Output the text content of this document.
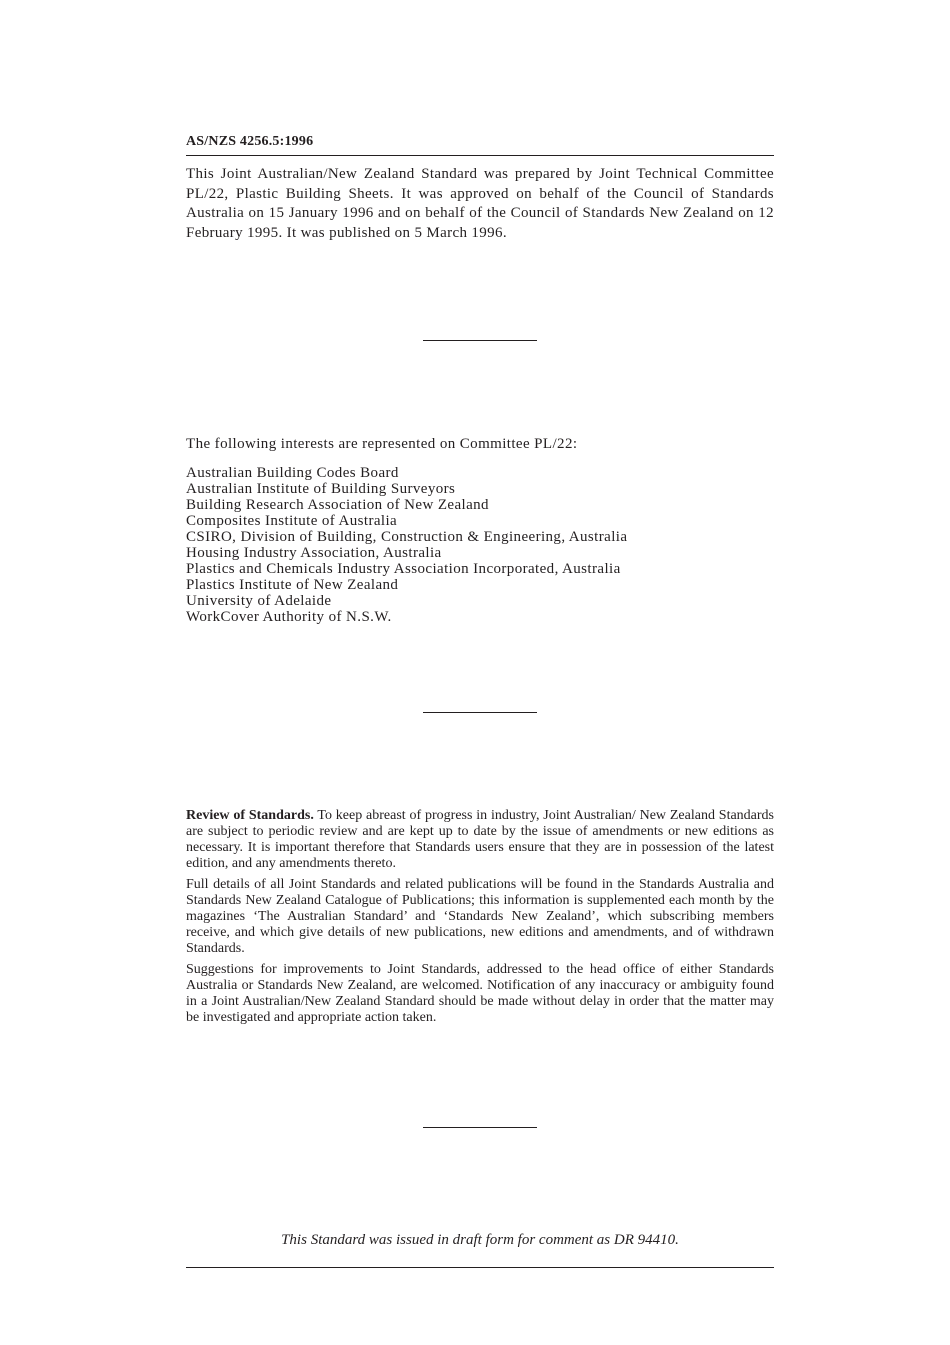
AS/NZS 4256.5:1996

This Joint Australian/New Zealand Standard was prepared by Joint Technical Committee PL/22, Plastic Building Sheets. It was approved on behalf of the Council of Standards Australia on 15 January 1996 and on behalf of the Council of Standards New Zealand on 12 February 1995. It was published on 5 March 1996.

The following interests are represented on Committee PL/22:

Australian Building Codes Board
Australian Institute of Building Surveyors
Building Research Association of New Zealand
Composites Institute of Australia
CSIRO, Division of Building, Construction & Engineering, Australia
Housing Industry Association, Australia
Plastics and Chemicals Industry Association Incorporated, Australia
Plastics Institute of New Zealand
University of Adelaide
WorkCover Authority of N.S.W.

Review of Standards. To keep abreast of progress in industry, Joint Australian/ New Zealand Standards are subject to periodic review and are kept up to date by the issue of amendments or new editions as necessary. It is important therefore that Standards users ensure that they are in possession of the latest edition, and any amendments thereto.

Full details of all Joint Standards and related publications will be found in the Standards Australia and Standards New Zealand Catalogue of Publications; this information is supplemented each month by the magazines ‘The Australian Standard’ and ‘Standards New Zealand’, which subscribing members receive, and which give details of new publications, new editions and amendments, and of withdrawn Standards.

Suggestions for improvements to Joint Standards, addressed to the head office of either Standards Australia or Standards New Zealand, are welcomed. Notification of any inaccuracy or ambiguity found in a Joint Australian/New Zealand Standard should be made without delay in order that the matter may be investigated and appropriate action taken.

This Standard was issued in draft form for comment as DR 94410.
